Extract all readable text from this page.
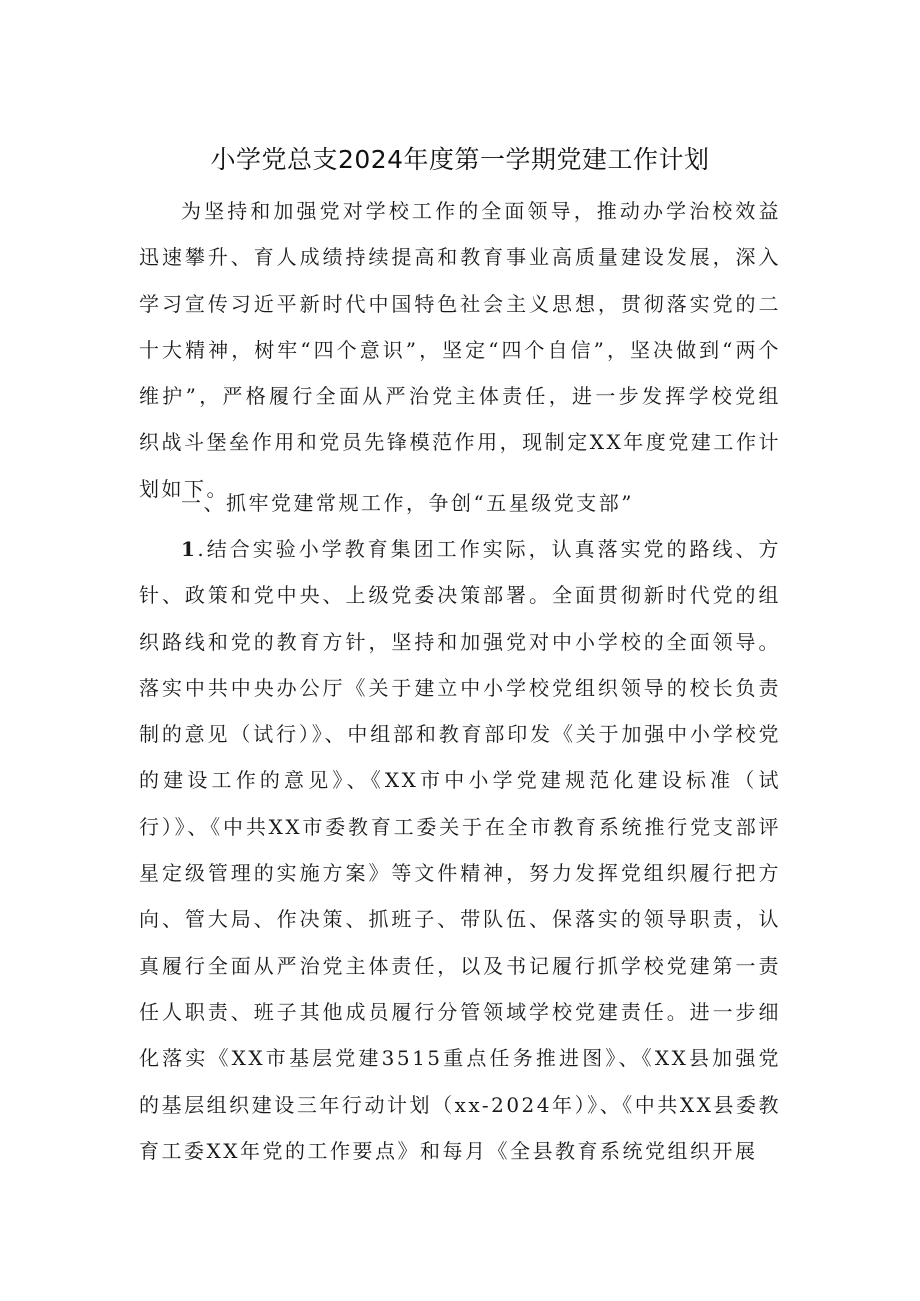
小学党总支2024年度第一学期党建工作计划

为坚持和加强党对学校工作的全面领导，推动办学治校效益迅速攀升、育人成绩持续提高和教育事业高质量建设发展，深入学习宣传习近平新时代中国特色社会主义思想，贯彻落实党的二十大精神，树牢“四个意识”，坚定“四个自信”，坚决做到“两个维护”，严格履行全面从严治党主体责任，进一步发挥学校党组织战斗堡垒作用和党员先锋模范作用，现制定XX年度党建工作计划如下。

一、抓牢党建常规工作，争创“五星级党支部”

1.结合实验小学教育集团工作实际，认真落实党的路线、方针、政策和党中央、上级党委决策部署。全面贯彻新时代党的组织路线和党的教育方针，坚持和加强党对中小学校的全面领导。落实中共中央办公厅《关于建立中小学校党组织领导的校长负责制的意见（试行）》、中组部和教育部印发《关于加强中小学校党的建设工作的意见》、《XX市中小学党建规范化建设标准（试行）》、《中共XX市委教育工委关于在全市教育系统推行党支部评星定级管理的实施方案》等文件精神，努力发挥党组织履行把方向、管大局、作决策、抓班子、带队伍、保落实的领导职责，认真履行全面从严治党主体责任，以及书记履行抓学校党建第一责任人职责、班子其他成员履行分管领域学校党建责任。进一步细化落实《XX市基层党建3515重点任务推进图》、《XX县加强党的基层组织建设三年行动计划（xx-2024年）》、《中共XX县委教育工委XX年党的工作要点》和每月《全县教育系统党组织开展
